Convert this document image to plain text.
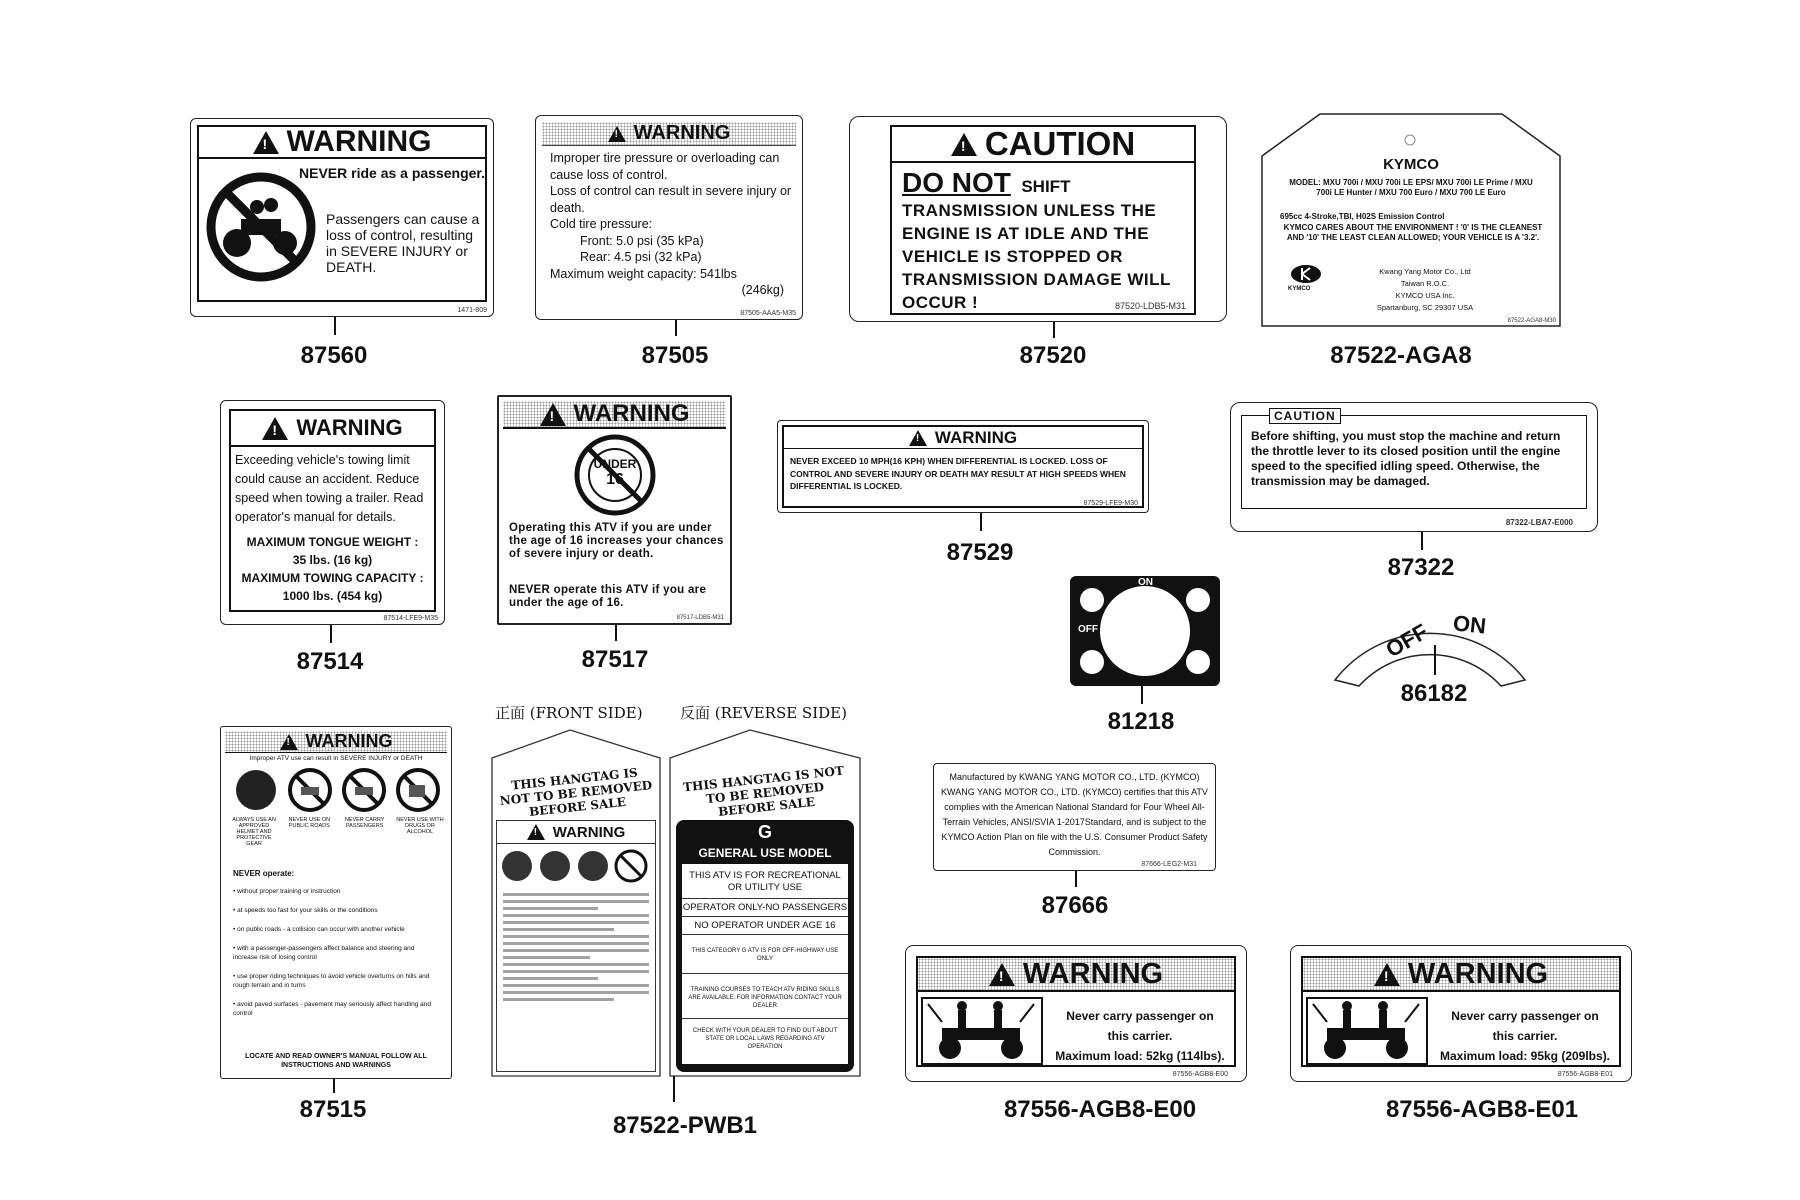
!
WARNING
NEVER ride as a passenger.
Passengers can cause a loss of control, resulting in SEVERE INJURY or DEATH.
1471-809
87560
!
WARNING
Improper tire pressure or overloading can cause loss of control.
Loss of control can result in severe injury or death.
Cold tire pressure:
Front: 5.0 psi (35 kPa)
Rear: 4.5 psi (32 kPa)
Maximum weight capacity: 541lbs
(246kg)
87505-AAA5-M35
87505
!
CAUTION
DO NOT SHIFT
TRANSMISSION UNLESS THE ENGINE IS AT IDLE AND THE VEHICLE IS STOPPED OR TRANSMISSION DAMAGE WILL OCCUR !	87520-LDB5-M31
87520
KYMCO
MODEL: MXU 700i / MXU 700i LE EPS/ MXU 700i LE Prime / MXU 700i LE Hunter / MXU 700 Euro / MXU 700 LE Euro
695cc 4-Stroke,TBI, H02S Emission Control
KYMCO CARES ABOUT THE ENVIRONMENT ! '0' IS THE CLEANEST AND '10' THE LEAST CLEAN ALLOWED; YOUR VEHICLE IS A '3.2'.
KYMCO
Kwang Yang Motor Co., Ltd
Taiwan R.O.C.
KYMCO USA Inc.
Spartanburg, SC 29307 USA
87522-AGA8-M30
87522-AGA8
!
WARNING
Exceeding vehicle's towing limit could cause an accident. Reduce speed when towing a trailer. Read operator's manual for details.
MAXIMUM TONGUE WEIGHT :
35 lbs. (16 kg)
MAXIMUM TOWING CAPACITY :
1000 lbs. (454 kg)
87514-LFE9-M35
87514
!
WARNING
UNDER
16
Operating this ATV if you are under the age of 16 increases your chances of severe injury or death.
NEVER operate this ATV if you are under the age of 16.
87517-LDB5-M31
87517
!
WARNING
NEVER EXCEED 10 MPH(16 KPH) WHEN DIFFERENTIAL IS LOCKED. LOSS OF CONTROL AND SEVERE INJURY OR DEATH MAY RESULT AT HIGH SPEEDS WHEN DIFFERENTIAL IS LOCKED.
87529-LFE9-M30
87529
CAUTION
Before shifting, you must stop the machine and return the throttle lever to its closed position until the engine speed to the specified idling speed. Otherwise, the transmission may be damaged.
87322-LBA7-E000
87322
ON
OFF
81218
OFF ON
86182
!
WARNING
Improper ATV use can result in SEVERE INJURY or DEATH
ALWAYS USE AN APPROVED HELMET AND PROTECTIVE GEAR
NEVER USE ON PUBLIC ROADS
NEVER CARRY PASSENGERS
NEVER USE WITH DRUGS OR ALCOHOL
NEVER operate:
• without proper training or instruction
• at speeds too fast for your skills or the conditions
• on public roads - a collision can occur with another vehicle
• with a passenger-passengers affect balance and steering and increase risk of losing control
• use proper riding techniques to avoid vehicle overturns on hills and rough terrain and in turns
• avoid paved surfaces - pavement may seriously affect handling and control
LOCATE AND READ OWNER'S MANUAL FOLLOW ALL INSTRUCTIONS AND WARNINGS
87515
正面 (FRONT SIDE) 反面 (REVERSE SIDE)
THIS HANGTAG IS NOT TO BE REMOVED BEFORE SALE
!
WARNING
THIS HANGTAG IS NOT TO BE REMOVED BEFORE SALE
G
GENERAL USE MODEL
THIS ATV IS FOR RECREATIONAL OR UTILITY USE
OPERATOR ONLY-NO PASSENGERS
NO OPERATOR UNDER AGE 16
THIS CATEGORY G ATV IS FOR OFF-HIGHWAY USE ONLY
TRAINING COURSES TO TEACH ATV RIDING SKILLS ARE AVAILABLE. FOR INFORMATION CONTACT YOUR DEALER
CHECK WITH YOUR DEALER TO FIND OUT ABOUT STATE OR LOCAL LAWS REGARDING ATV OPERATION
87522-PWB1
Manufactured by KWANG YANG MOTOR CO., LTD. (KYMCO) KWANG YANG MOTOR CO., LTD. (KYMCO) certifies that this ATV complies with the American National Standard for Four Wheel All-Terrain Vehicles, ANSI/SVIA 1-2017Standard, and is subject to the KYMCO Action Plan on file with the U.S. Consumer Product Safety Commission.
87666-LEG2-M31
87666
!
WARNING
Never carry passenger on
this carrier.
Maximum load: 52kg (114lbs).
87556-AGB8-E00
87556-AGB8-E00
!
WARNING
Never carry passenger on
this carrier.
Maximum load: 95kg (209lbs).
87556-AGB8-E01
87556-AGB8-E01
